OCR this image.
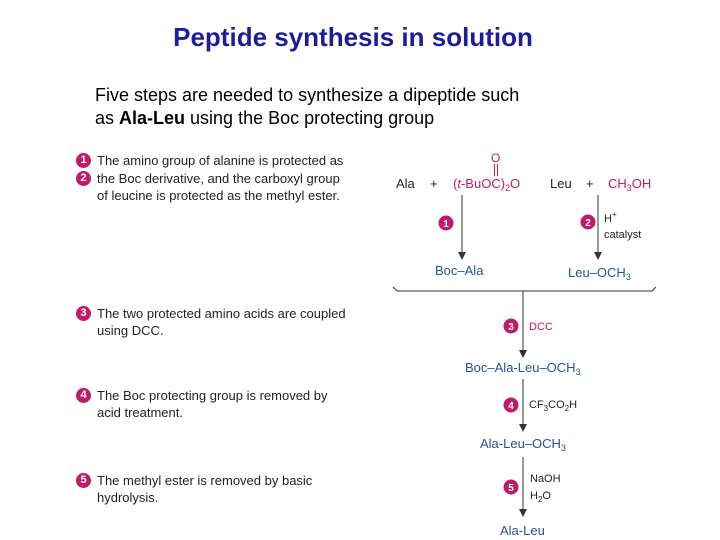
Peptide synthesis in solution
Five steps are needed to synthesize a dipeptide such
as Ala-Leu using the Boc protecting group
1 The amino group of alanine is protected as
2 the Boc derivative, and the carboxyl group
of leucine is protected as the methyl ester.
3 The two protected amino acids are coupled
using DCC.
4 The Boc protecting group is removed by
acid treatment.
5 The methyl ester is removed by basic
hydrolysis.
Ala +
O
$(t-BuOC)_2O$ Leu + $CH_3OH$
1	2 H+
catalyst
Boc–Ala	Leu–$OCH_3$
3 DCC
Boc–$Ala-Leu-OCH_3$
4 $CF_3CO_2H$
Ala-$Leu-OCH_3$
5
NaOH
$H_2O$
Ala-Leu
